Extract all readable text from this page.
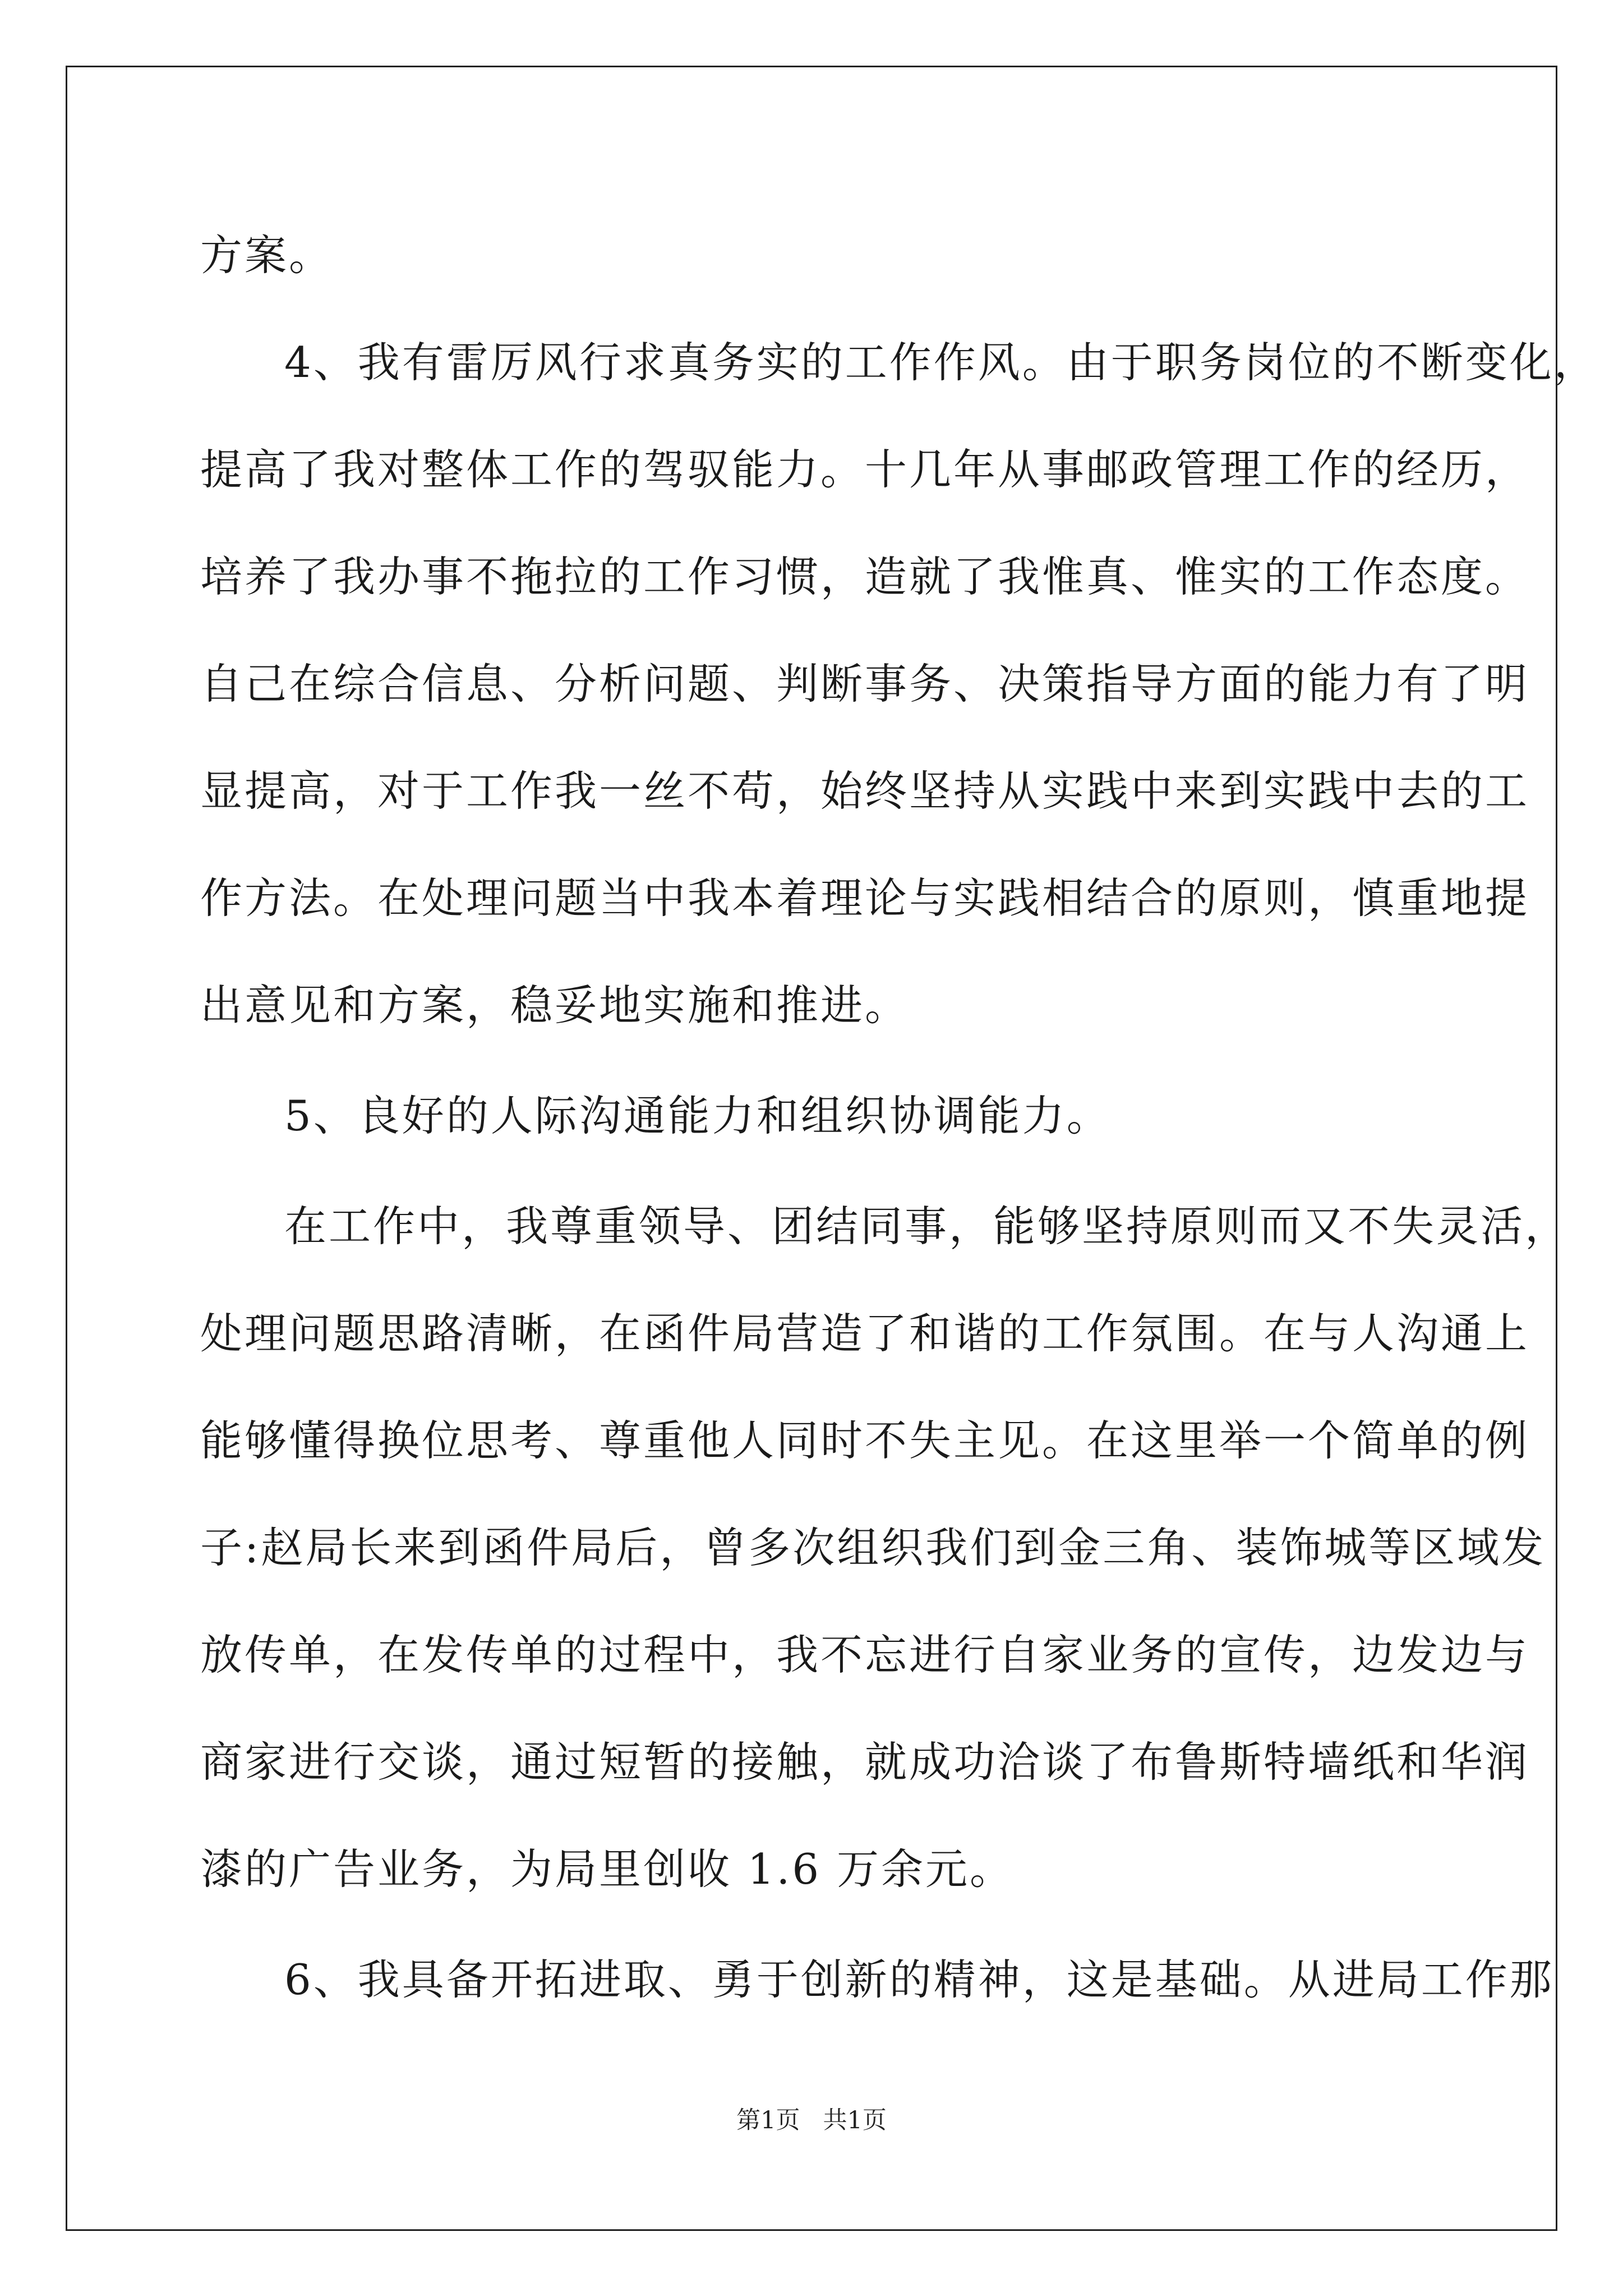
方案。
4、我有雷厉风行求真务实的工作作风。由于职务岗位的不断变化，
提高了我对整体工作的驾驭能力。十几年从事邮政管理工作的经历，
培养了我办事不拖拉的工作习惯，造就了我惟真、惟实的工作态度。
自己在综合信息、分析问题、判断事务、决策指导方面的能力有了明
显提高，对于工作我一丝不苟，始终坚持从实践中来到实践中去的工
作方法。在处理问题当中我本着理论与实践相结合的原则，慎重地提
出意见和方案，稳妥地实施和推进。
5、良好的人际沟通能力和组织协调能力。
在工作中，我尊重领导、团结同事，能够坚持原则而又不失灵活，
处理问题思路清晰，在函件局营造了和谐的工作氛围。在与人沟通上
能够懂得换位思考、尊重他人同时不失主见。在这里举一个简单的例
子:赵局长来到函件局后，曾多次组织我们到金三角、装饰城等区域发
放传单，在发传单的过程中，我不忘进行自家业务的宣传，边发边与
商家进行交谈，通过短暂的接触，就成功洽谈了布鲁斯特墙纸和华润
漆的广告业务，为局里创收 1.6 万余元。
6、我具备开拓进取、勇于创新的精神，这是基础。从进局工作那
第1页   共1页
